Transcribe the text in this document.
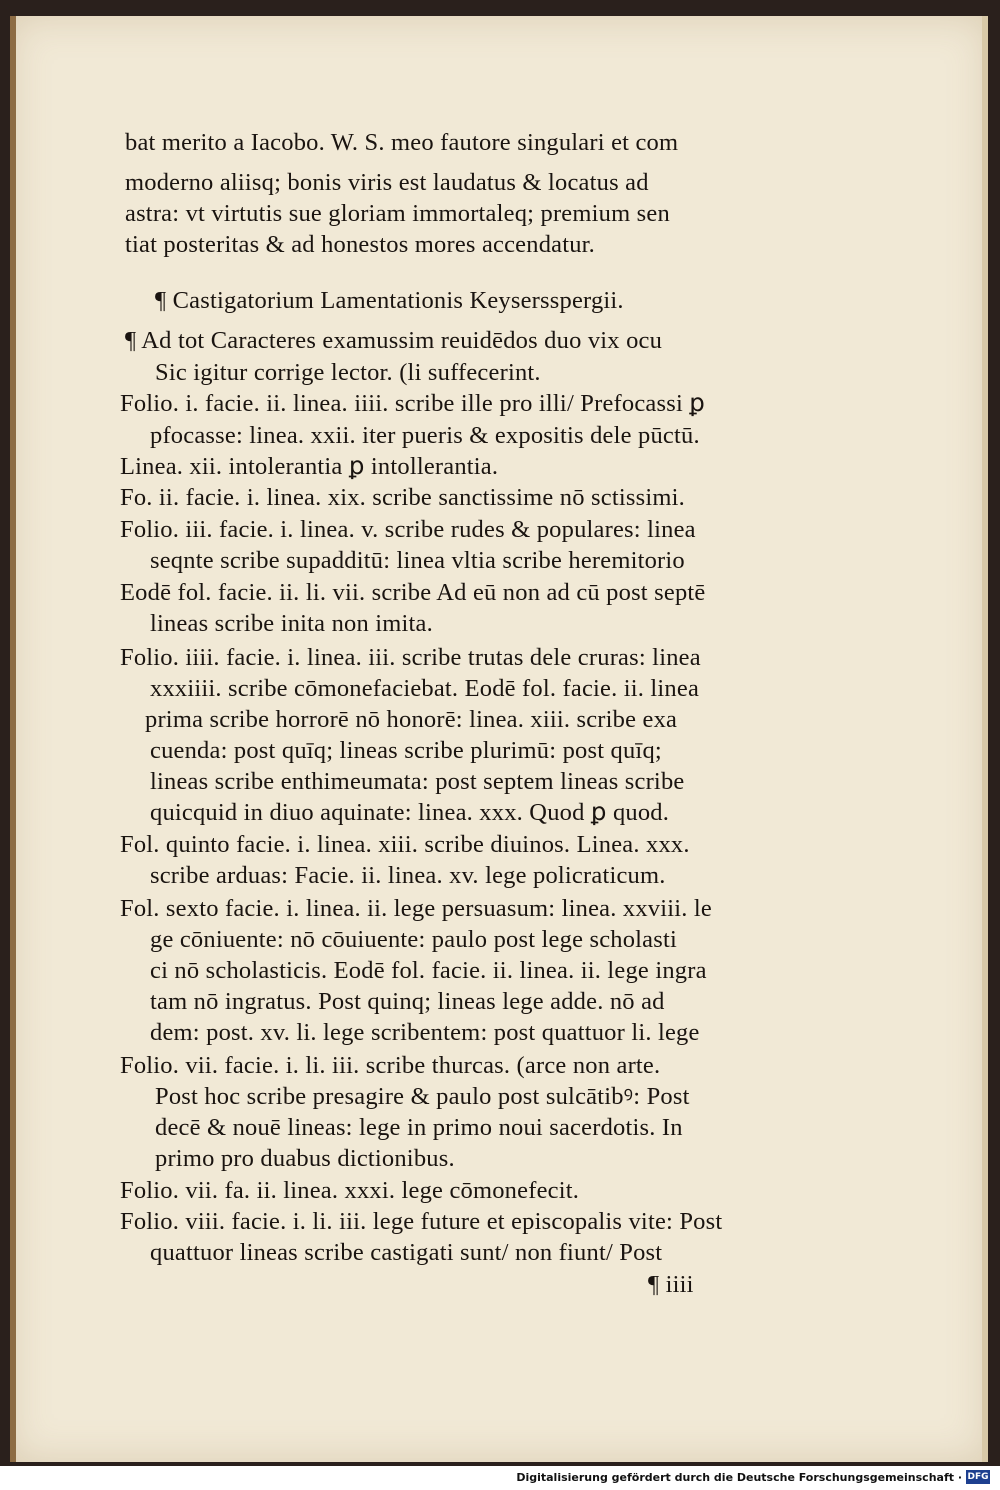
bat merito a Iacobo. W. S. meo fautore singulari et com
moderno aliisq; bonis viris est laudatus & locatus ad
astra: vt virtutis sue gloriam immortaleq; premium sen
tiat posteritas & ad honestos mores accendatur.
¶ Castigatorium Lamentationis Keysersspergii.
¶ Ad tot Caracteres examussim reuidēdos duo vix ocu
Sic igitur corrige lector. (li suffecerint.
Folio. i. facie. ii. linea. iiii. scribe ille pro illi/ Prefocassi ꝑ
pfocasse: linea. xxii. iter pueris & expositis dele pūctū.
Linea. xii. intolerantia ꝑ intollerantia.
Fo. ii. facie. i. linea. xix. scribe sanctissime nō sctissimi.
Folio. iii. facie. i. linea. v. scribe rudes & populares: linea
seqnte scribe supadditū: linea vltia scribe heremitorio
Eodē fol. facie. ii. li. vii. scribe Ad eū non ad cū post septē
lineas scribe inita non imita.
Folio. iiii. facie. i. linea. iii. scribe trutas dele cruras: linea
xxxiiii. scribe cōmonefaciebat. Eodē fol. facie. ii. linea
prima scribe horrorē nō honorē: linea. xiii. scribe exa
cuenda: post quīq; lineas scribe plurimū: post quīq;
lineas scribe enthimeumata: post septem lineas scribe
quicquid in diuo aquinate: linea. xxx. Quod ꝑ quod.
Fol. quinto facie. i. linea. xiii. scribe diuinos. Linea. xxx.
scribe arduas: Facie. ii. linea. xv. lege policraticum.
Fol. sexto facie. i. linea. ii. lege persuasum: linea. xxviii. le
ge cōniuente: nō cōuiuente: paulo post lege scholasti
ci nō scholasticis. Eodē fol. facie. ii. linea. ii. lege ingra
tam nō ingratus. Post quinq; lineas lege adde. nō ad
dem: post. xv. li. lege scribentem: post quattuor li. lege
Folio. vii. facie. i. li. iii. scribe thurcas. (arce non arte.
Post hoc scribe presagire & paulo post sulcātibꝰ: Post
decē & nouē lineas: lege in primo noui sacerdotis. In
primo pro duabus dictionibus.
Folio. vii. fa. ii. linea. xxxi. lege cōmonefecit.
Folio. viii. facie. i. li. iii. lege future et episcopalis vite: Post
quattuor lineas scribe castigati sunt/ non fiunt/ Post
¶ iiii
Digitalisierung gefördert durch die Deutsche Forschungsgemeinschaft · DFG
